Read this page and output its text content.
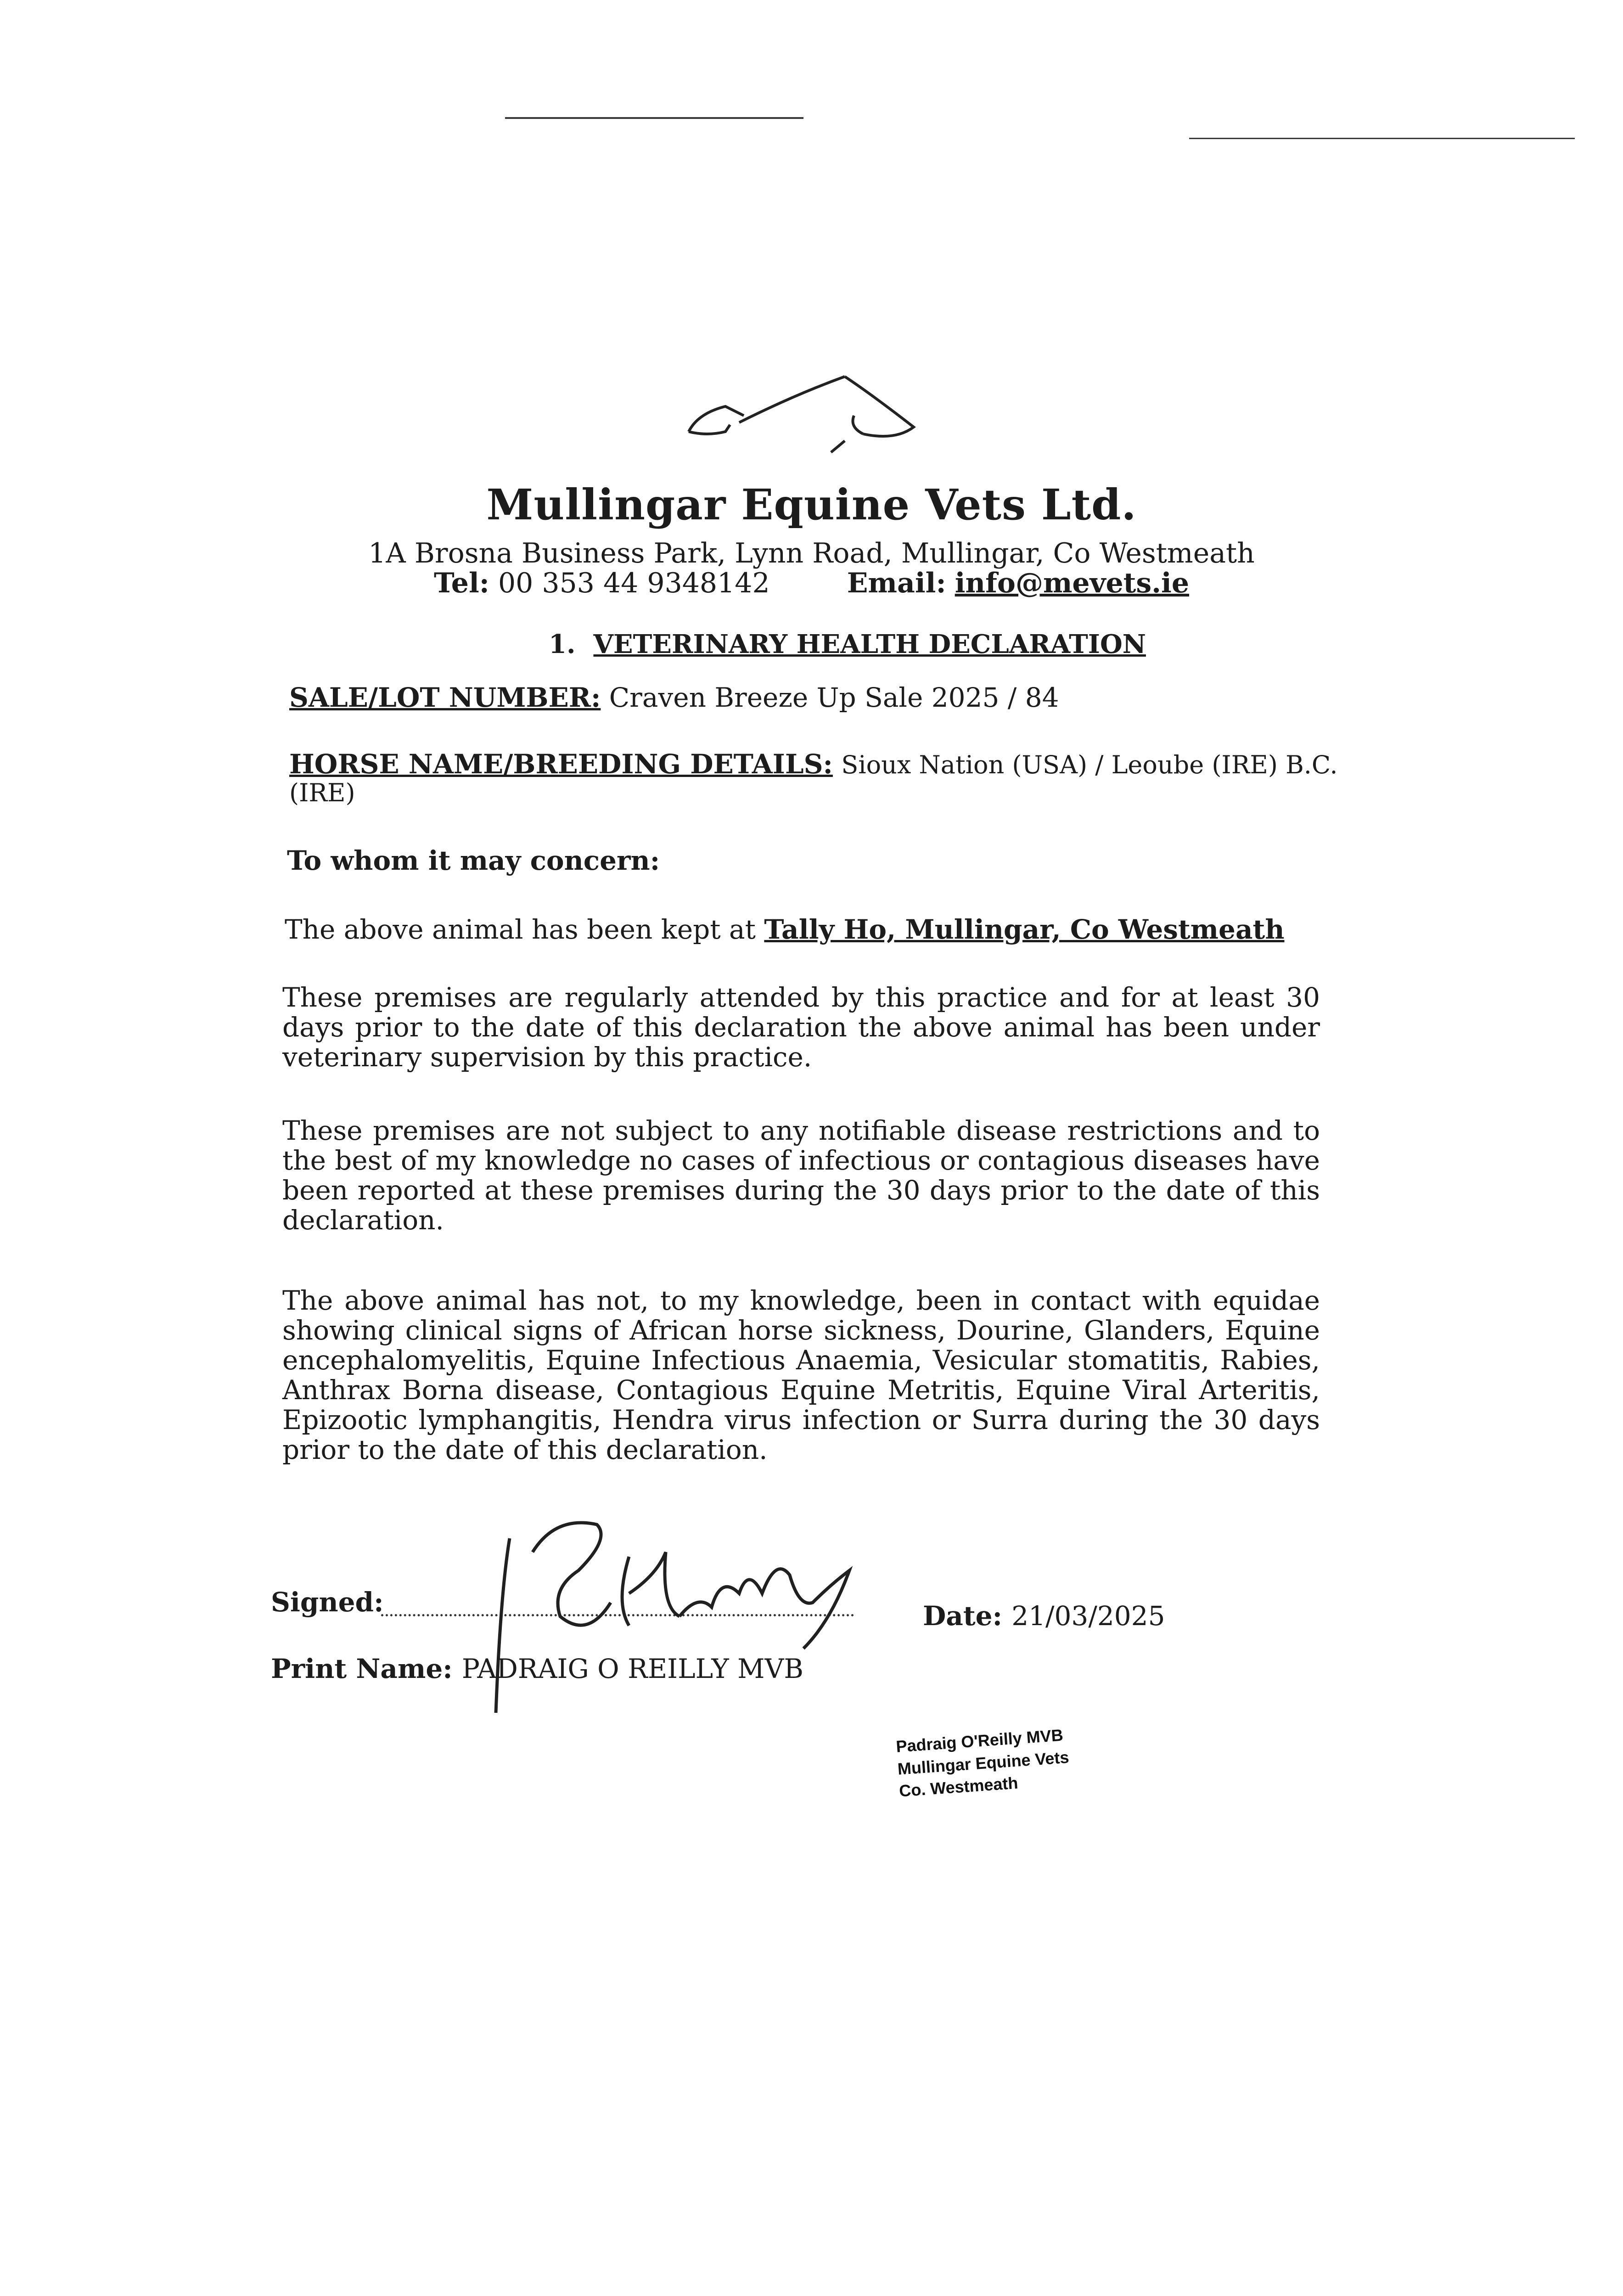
Mullingar Equine Vets Ltd.
1A Brosna Business Park, Lynn Road, Mullingar, Co Westmeath
Tel: 00 353 44 9348142	Email: info@mevets.ie
1. VETERINARY HEALTH DECLARATION
SALE/LOT NUMBER: Craven Breeze Up Sale 2025 / 84
HORSE NAME/BREEDING DETAILS: Sioux Nation (USA) / Leoube (IRE) B.C.
(IRE)
To whom it may concern:
The above animal has been kept at Tally Ho, Mullingar, Co Westmeath
These premises are regularly attended by this practice and for at least 30 days prior to the date of this declaration the above animal has been under veterinary supervision by this practice.
These premises are not subject to any notifiable disease restrictions and to the best of my knowledge no cases of infectious or contagious diseases have been reported at these premises during the 30 days prior to the date of this declaration.
The above animal has not, to my knowledge, been in contact with equidae showing clinical signs of African horse sickness, Dourine, Glanders, Equine encephalomyelitis, Equine Infectious Anaemia, Vesicular stomatitis, Rabies, Anthrax Borna disease, Contagious Equine Metritis, Equine Viral Arteritis, Epizootic lymphangitis, Hendra virus infection or Surra during the 30 days prior to the date of this declaration.
Signed:	Date: 21/03/2025
Print Name: PADRAIG O REILLY MVB
Padraig O'Reilly MVB
Mullingar Equine Vets
Co. Westmeath
